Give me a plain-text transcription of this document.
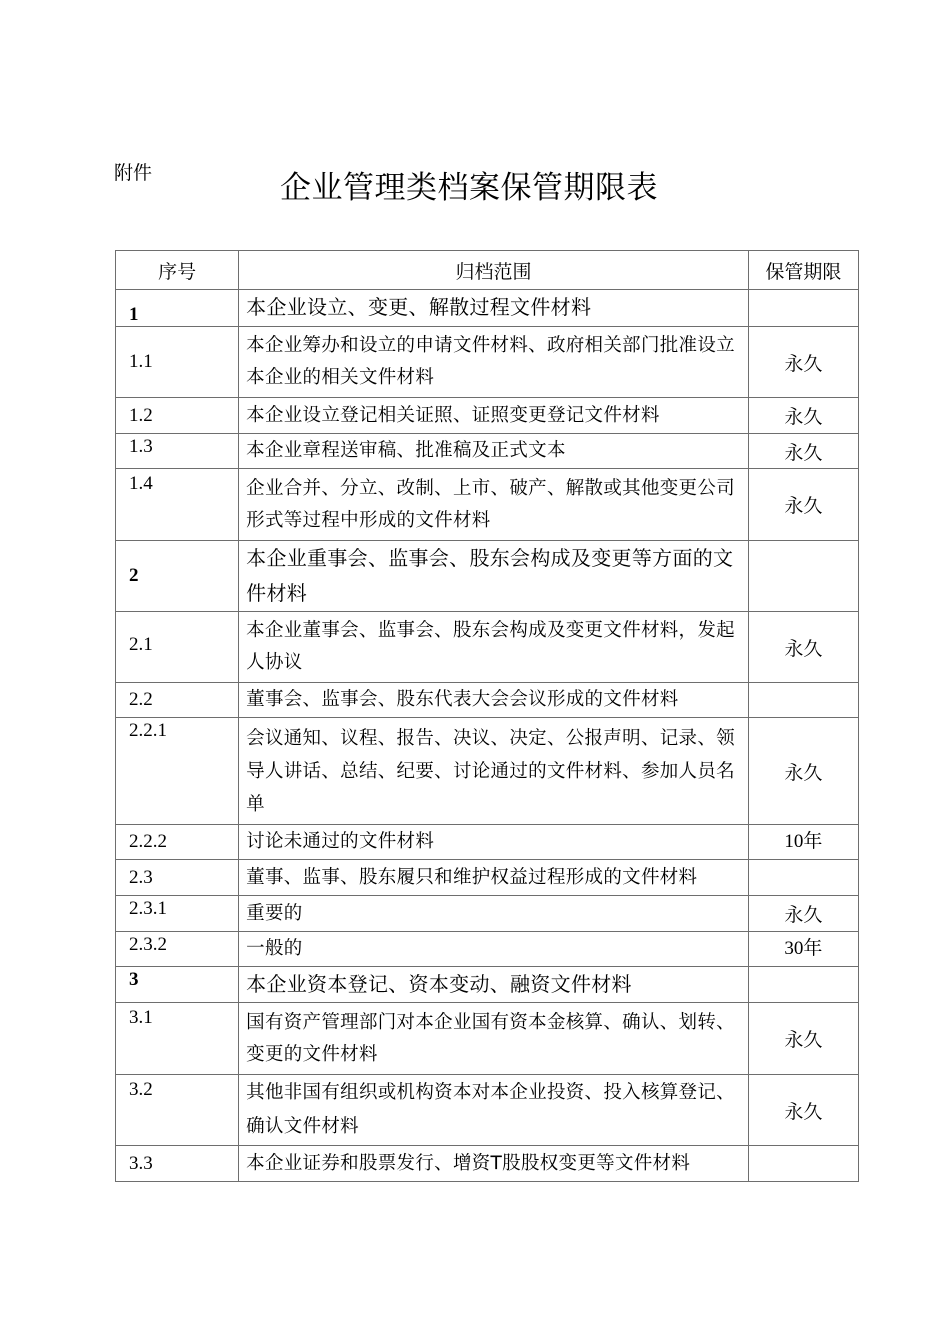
附件	企业管理类档案保管期限表
序号	归档范围	保管期限
1	本企业设立、变更、解散过程文件材料	
1.1	本企业筹办和设立的申请文件材料、政府相关部门批准设立本企业的相关文件材料	永久
1.2	本企业设立登记相关证照、证照变更登记文件材料	永久
1.3	本企业章程送审稿、批准稿及正式文本	永久
1.4	企业合并、分立、改制、上市、破产、解散或其他变更公司形式等过程中形成的文件材料	永久
2	本企业重事会、监事会、股东会构成及变更等方面的文件材料	
2.1	本企业董事会、监事会、股东会构成及变更文件材料，发起人协议	永久
2.2	董事会、监事会、股东代表大会会议形成的文件材料	
2.2.1	会议通知、议程、报告、决议、决定、公报声明、记录、领导人讲话、总结、纪要、讨论通过的文件材料、参加人员名单	永久
2.2.2	讨论未通过的文件材料	10年
2.3	董事、监事、股东履只和维护权益过程形成的文件材料	
2.3.1	重要的	永久
2.3.2	一般的	30年
3	本企业资本登记、资本变动、融资文件材料	
3.1	国有资产管理部门对本企业国有资本金核算、确认、划转、变更的文件材料	永久
3.2	其他非国有组织或机构资本对本企业投资、投入核算登记、确认文件材料	永久
3.3	本企业证券和股票发行、增资Τ股股权变更等文件材料	
